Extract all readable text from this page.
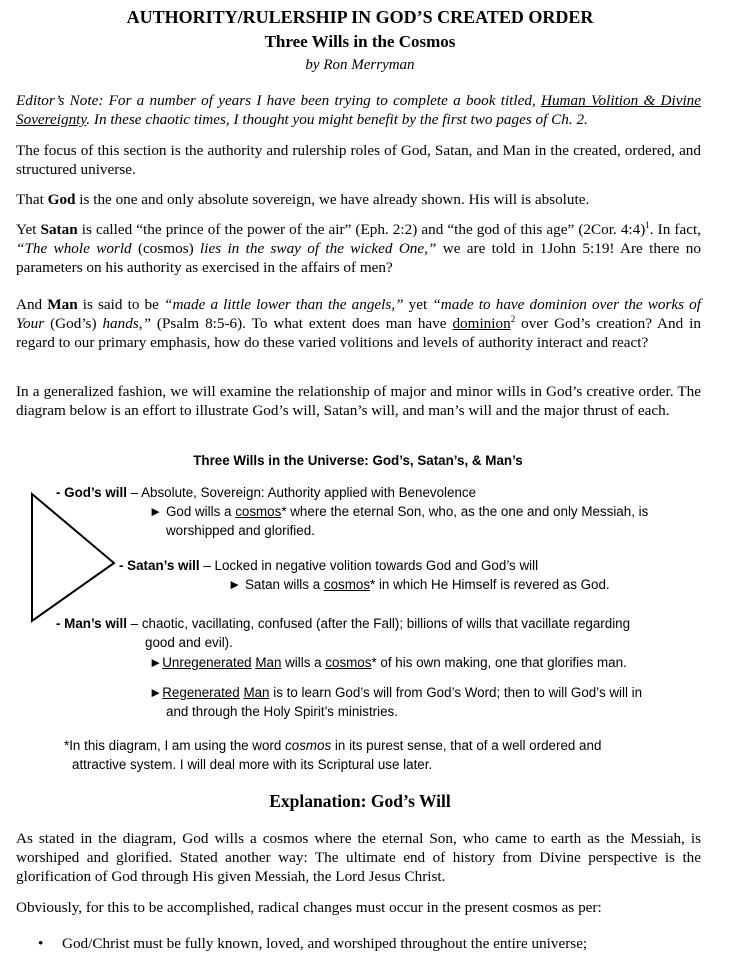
AUTHORITY/RULERSHIP IN GOD’S CREATED ORDER
Three Wills in the Cosmos
by Ron Merryman

Editor’s Note: For a number of years I have been trying to complete a book titled, Human Volition & Divine Sovereignty. In these chaotic times, I thought you might benefit by the first two pages of Ch. 2.

The focus of this section is the authority and rulership roles of God, Satan, and Man in the created, ordered, and structured universe.

That God is the one and only absolute sovereign, we have already shown. His will is absolute.

Yet Satan is called “the prince of the power of the air” (Eph. 2:2) and “the god of this age” (2Cor. 4:4)$^1$. In fact, “The whole world (cosmos) lies in the sway of the wicked One,” we are told in 1John 5:19! Are there no parameters on his authority as exercised in the affairs of men?

And Man is said to be “made a little lower than the angels,” yet “made to have dominion over the works of Your (God’s) hands,” (Psalm 8:5-6). To what extent does man have dominion$^2$ over God’s creation? And in regard to our primary emphasis, how do these varied volitions and levels of authority interact and react?

In a generalized fashion, we will examine the relationship of major and minor wills in God’s creative order. The diagram below is an effort to illustrate God’s will, Satan’s will, and man’s will and the major thrust of each.

Three Wills in the Universe: God’s, Satan’s, & Man’s
- God’s will – Absolute, Sovereign: Authority applied with Benevolence
► God wills a cosmos* where the eternal Son, who, as the one and only Messiah, is
worshipped and glorified.
- Satan’s will – Locked in negative volition towards God and God’s will
► Satan wills a cosmos* in which He Himself is revered as God.
- Man’s will – chaotic, vacillating, confused (after the Fall); billions of wills that vacillate regarding
good and evil).
►Unregenerated Man wills a cosmos* of his own making, one that glorifies man.
►Regenerated Man is to learn God’s will from God’s Word; then to will God’s will in
and through the Holy Spirit’s ministries.
*In this diagram, I am using the word cosmos in its purest sense, that of a well ordered and
attractive system. I will deal more with its Scriptural use later.
Explanation: God’s Will

As stated in the diagram, God wills a cosmos where the eternal Son, who came to earth as the Messiah, is worshiped and glorified. Stated another way: The ultimate end of history from Divine perspective is the glorification of God through His given Messiah, the Lord Jesus Christ.

Obviously, for this to be accomplished, radical changes must occur in the present cosmos as per:

• God/Christ must be fully known, loved, and worshiped throughout the entire universe;
